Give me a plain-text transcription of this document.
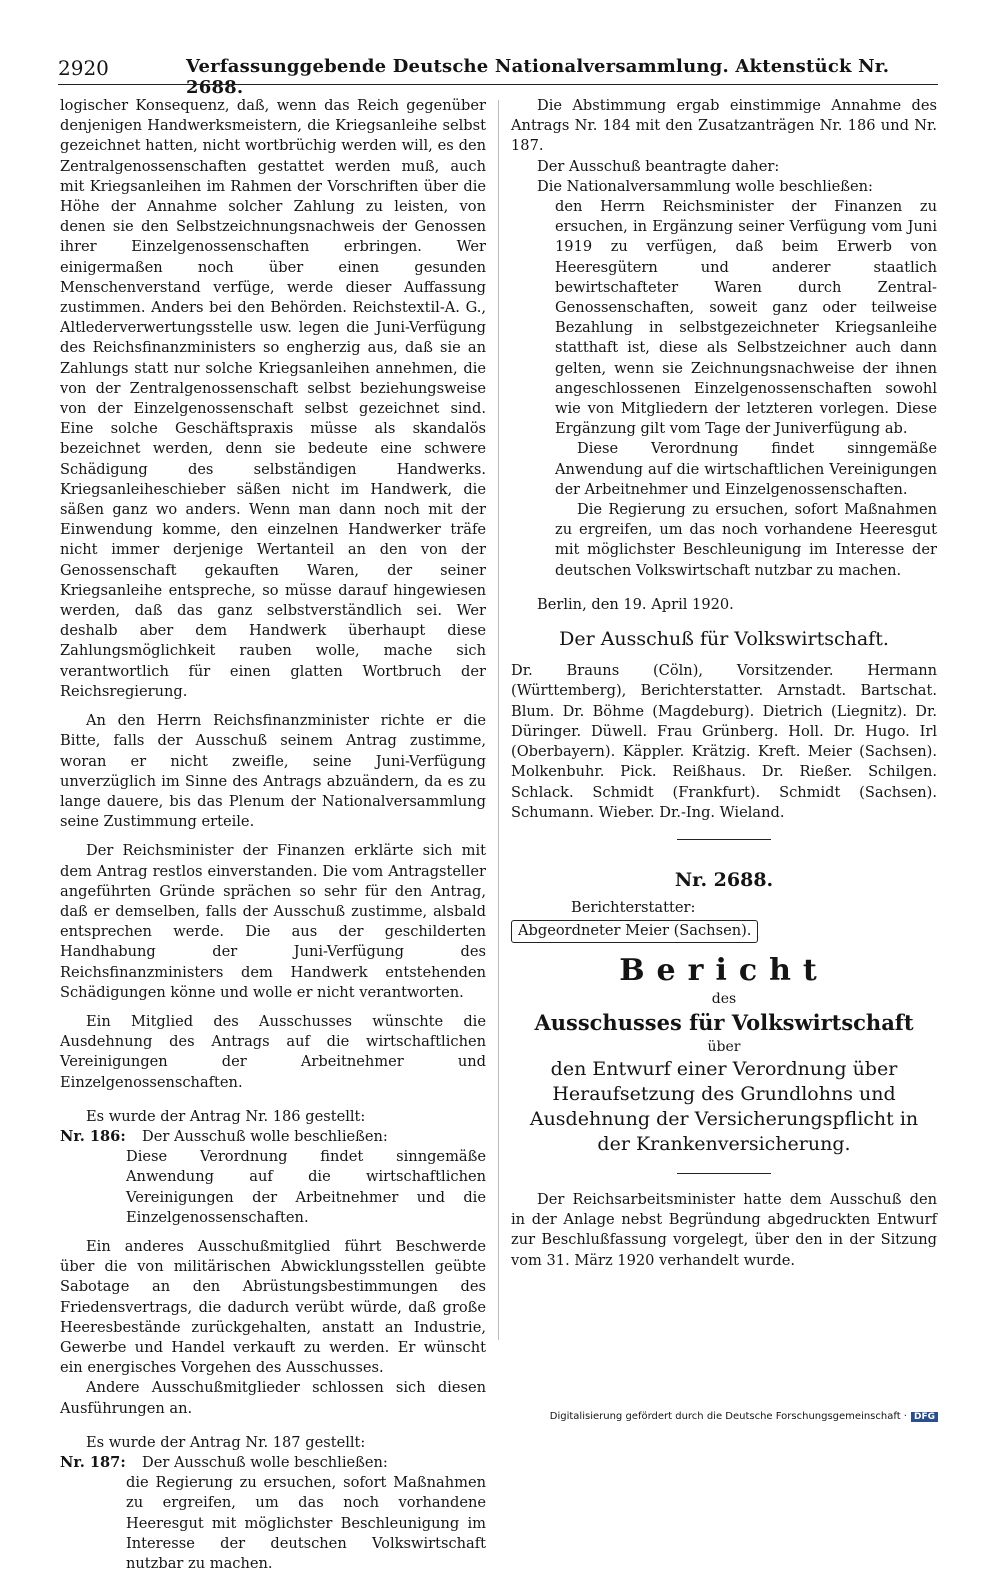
2920	Verfassunggebende Deutsche Nationalversammlung. Aktenstück Nr. 2688.

logischer Konsequenz, daß, wenn das Reich gegenüber denjenigen Handwerksmeistern, die Kriegsanleihe selbst gezeichnet hatten, nicht wortbrüchig werden will, es den Zentralgenossenschaften gestattet werden muß, auch mit Kriegsanleihen im Rahmen der Vorschriften über die Höhe der Annahme solcher Zahlung zu leisten, von denen sie den Selbstzeichnungsnachweis der Genossen ihrer Einzelgenossenschaften erbringen. Wer einigermaßen noch über einen gesunden Menschenverstand verfüge, werde dieser Auffassung zustimmen. Anders bei den Behörden. Reichstextil-A. G., Altlederverwertungsstelle usw. legen die Juni-Verfügung des Reichsfinanzministers so engherzig aus, daß sie an Zahlungs statt nur solche Kriegsanleihen annehmen, die von der Zentralgenossenschaft selbst beziehungsweise von der Einzelgenossenschaft selbst gezeichnet sind. Eine solche Geschäftspraxis müsse als skandalös bezeichnet werden, denn sie bedeute eine schwere Schädigung des selbständigen Handwerks. Kriegsanleiheschieber säßen nicht im Handwerk, die säßen ganz wo anders. Wenn man dann noch mit der Einwendung komme, den einzelnen Handwerker träfe nicht immer derjenige Wertanteil an den von der Genossenschaft gekauften Waren, der seiner Kriegsanleihe entspreche, so müsse darauf hingewiesen werden, daß das ganz selbstverständlich sei. Wer deshalb aber dem Handwerk überhaupt diese Zahlungsmöglichkeit rauben wolle, mache sich verantwortlich für einen glatten Wortbruch der Reichsregierung.

An den Herrn Reichsfinanzminister richte er die Bitte, falls der Ausschuß seinem Antrag zustimme, woran er nicht zweifle, seine Juni-Verfügung unverzüglich im Sinne des Antrags abzuändern, da es zu lange dauere, bis das Plenum der Nationalversammlung seine Zustimmung erteile.

Der Reichsminister der Finanzen erklärte sich mit dem Antrag restlos einverstanden. Die vom Antragsteller angeführten Gründe sprächen so sehr für den Antrag, daß er demselben, falls der Ausschuß zustimme, alsbald entsprechen werde. Die aus der geschilderten Handhabung der Juni-Verfügung des Reichsfinanzministers dem Handwerk entstehenden Schädigungen könne und wolle er nicht verantworten.

Ein Mitglied des Ausschusses wünschte die Ausdehnung des Antrags auf die wirtschaftlichen Vereinigungen der Arbeitnehmer und Einzelgenossenschaften.

Es wurde der Antrag Nr. 186 gestellt:

Nr. 186:	Der Ausschuß wolle beschließen:

Diese Verordnung findet sinngemäße Anwendung auf die wirtschaftlichen Vereinigungen der Arbeitnehmer und die Einzelgenossenschaften.

Ein anderes Ausschußmitglied führt Beschwerde über die von militärischen Abwicklungsstellen geübte Sabotage an den Abrüstungsbestimmungen des Friedensvertrags, die dadurch verübt würde, daß große Heeresbestände zurückgehalten, anstatt an Industrie, Gewerbe und Handel verkauft zu werden. Er wünscht ein energisches Vorgehen des Ausschusses.

Andere Ausschußmitglieder schlossen sich diesen Ausführungen an.

Es wurde der Antrag Nr. 187 gestellt:

Nr. 187:	Der Ausschuß wolle beschließen:

die Regierung zu ersuchen, sofort Maßnahmen zu ergreifen, um das noch vorhandene Heeresgut mit möglichster Beschleunigung im Interesse der deutschen Volkswirtschaft nutzbar zu machen.

Die Abstimmung ergab einstimmige Annahme des Antrags Nr. 184 mit den Zusatzanträgen Nr. 186 und Nr. 187.

Der Ausschuß beantragte daher:

Die Nationalversammlung wolle beschließen:

den Herrn Reichsminister der Finanzen zu ersuchen, in Ergänzung seiner Verfügung vom Juni 1919 zu verfügen, daß beim Erwerb von Heeresgütern und anderer staatlich bewirtschafteter Waren durch Zentral-Genossenschaften, soweit ganz oder teilweise Bezahlung in selbstgezeichneter Kriegsanleihe statthaft ist, diese als Selbstzeichner auch dann gelten, wenn sie Zeichnungsnachweise der ihnen angeschlossenen Einzelgenossenschaften sowohl wie von Mitgliedern der letzteren vorlegen. Diese Ergänzung gilt vom Tage der Juniverfügung ab.

Diese Verordnung findet sinngemäße Anwendung auf die wirtschaftlichen Vereinigungen der Arbeitnehmer und Einzelgenossenschaften.

Die Regierung zu ersuchen, sofort Maßnahmen zu ergreifen, um das noch vorhandene Heeresgut mit möglichster Beschleunigung im Interesse der deutschen Volkswirtschaft nutzbar zu machen.

Berlin, den 19. April 1920.

Der Ausschuß für Volkswirtschaft.

Dr. Brauns (Cöln), Vorsitzender. Hermann (Württemberg), Berichterstatter. Arnstadt. Bartschat. Blum. Dr. Böhme (Magdeburg). Dietrich (Liegnitz). Dr. Düringer. Düwell. Frau Grünberg. Holl. Dr. Hugo. Irl (Oberbayern). Käppler. Krätzig. Kreft. Meier (Sachsen). Molkenbuhr. Pick. Reißhaus. Dr. Rießer. Schilgen. Schlack. Schmidt (Frankfurt). Schmidt (Sachsen). Schumann. Wieber. Dr.-Ing. Wieland.

Nr. 2688.
Berichterstatter:
Abgeordneter Meier (Sachsen).
Bericht
des
Ausschusses für Volkswirtschaft
über
den Entwurf einer Verordnung über Heraufsetzung des Grundlohns und Ausdehnung der Versicherungspflicht in der Krankenversicherung.

Der Reichsarbeitsminister hatte dem Ausschuß den in der Anlage nebst Begründung abgedruckten Entwurf zur Beschlußfassung vorgelegt, über den in der Sitzung vom 31. März 1920 verhandelt wurde.

Digitalisierung gefördert durch die Deutsche Forschungsgemeinschaft · DFG
